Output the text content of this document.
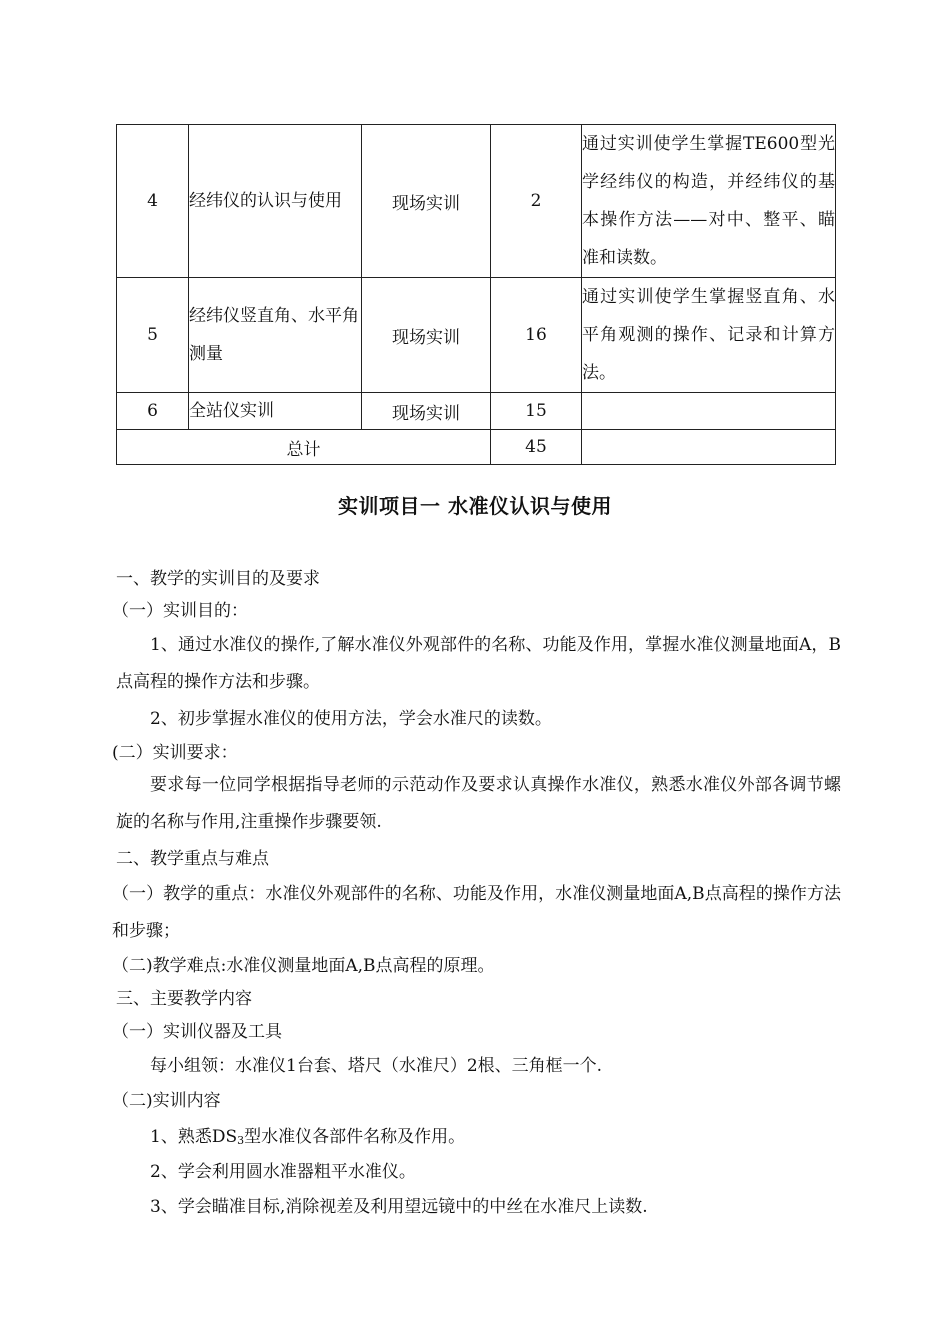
4	经纬仪的认识与使用	现场实训	2	通过实训使学生掌握TE600型光学经纬仪的构造，并经纬仪的基本操作方法——对中、整平、瞄准和读数。
5	经纬仪竖直角、水平角测量	现场实训	16	通过实训使学生掌握竖直角、水平角观测的操作、记录和计算方法。
6	全站仪实训	现场实训	15	
总计			45	
实训项目一 水准仪认识与使用
一、教学的实训目的及要求
（一）实训目的：
1、通过水准仪的操作,了解水准仪外观部件的名称、功能及作用，掌握水准仪测量地面A，B点高程的操作方法和步骤。
2、初步掌握水准仪的使用方法，学会水准尺的读数。
(二）实训要求：
要求每一位同学根据指导老师的示范动作及要求认真操作水准仪，熟悉水准仪外部各调节螺旋的名称与作用,注重操作步骤要领.
二、教学重点与难点
（一）教学的重点：水准仪外观部件的名称、功能及作用，水准仪测量地面A,B点高程的操作方法和步骤；
（二)教学难点:水准仪测量地面A,B点高程的原理。
三、主要教学内容
（一）实训仪器及工具
每小组领：水准仪1台套、塔尺（水准尺）2根、三角框一个.
（二)实训内容
1、熟悉$DS_3$型水准仪各部件名称及作用。
2、学会利用圆水准器粗平水准仪。
3、学会瞄准目标,消除视差及利用望远镜中的中丝在水准尺上读数.
